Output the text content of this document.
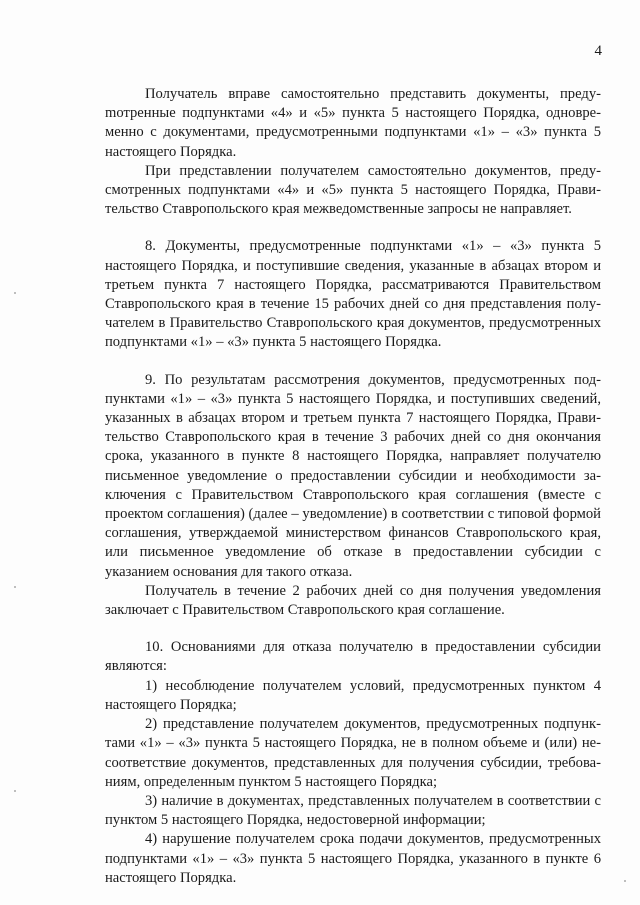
4

Получатель вправе самостоятельно представить документы, предуmотренные подпунктами «4» и «5» пункта 5 настоящего Порядка, одновременно с документами, предусмотренными подпунктами «1» – «3» пункта 5 настоящего Порядка.

При представлении получателем самостоятельно документов, предусмотренных подпунктами «4» и «5» пункта 5 настоящего Порядка, Правительство Ставропольского края межведомственные запросы не направляет.

8. Документы, предусмотренные подпунктами «1» – «3» пункта 5 настоящего Порядка, и поступившие сведения, указанные в абзацах втором и третьем пункта 7 настоящего Порядка, рассматриваются Правительством Ставропольского края в течение 15 рабочих дней со дня представления получателем в Правительство Ставропольского края документов, предусмотренных подпунктами «1» – «3» пункта 5 настоящего Порядка.

9. По результатам рассмотрения документов, предусмотренных подпунктами «1» – «3» пункта 5 настоящего Порядка, и поступивших сведений, указанных в абзацах втором и третьем пункта 7 настоящего Порядка, Правительство Ставропольского края в течение 3 рабочих дней со дня окончания срока, указанного в пункте 8 настоящего Порядка, направляет получателю письменное уведомление о предоставлении субсидии и необходимости заключения с Правительством Ставропольского края соглашения (вместе с проектом соглашения) (далее – уведомление) в соответствии с типовой формой соглашения, утверждаемой министерством финансов Ставропольского края, или письменное уведомление об отказе в предоставлении субсидии с указанием основания для такого отказа.

Получатель в течение 2 рабочих дней со дня получения уведомления заключает с Правительством Ставропольского края соглашение.

10. Основаниями для отказа получателю в предоставлении субсидии являются:

1) несоблюдение получателем условий, предусмотренных пунктом 4 настоящего Порядка;

2) представление получателем документов, предусмотренных подпунктами «1» – «3» пункта 5 настоящего Порядка, не в полном объеме и (или) несоответствие документов, представленных для получения субсидии, требованиям, определенным пунктом 5 настоящего Порядка;

3) наличие в документах, представленных получателем в соответствии с пунктом 5 настоящего Порядка, недостоверной информации;

4) нарушение получателем срока подачи документов, предусмотренных подпунктами «1» – «3» пункта 5 настоящего Порядка, указанного в пункте 6 настоящего Порядка.
